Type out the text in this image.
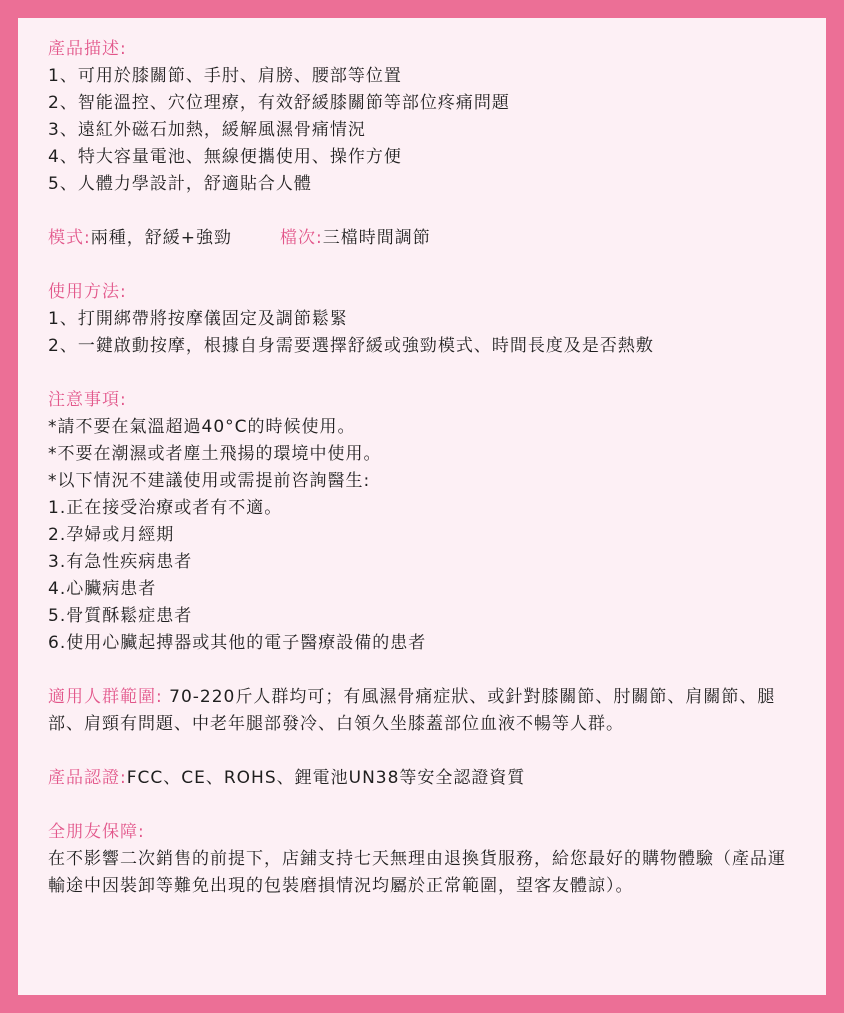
產品描述:
1、可用於膝關節、手肘、肩膀、腰部等位置
2、智能溫控、穴位理療，有效舒緩膝關節等部位疼痛問題
3、遠紅外磁石加熱，緩解風濕骨痛情況
4、特大容量電池、無線便攜使用、操作方便
5、人體力學設計，舒適貼合人體
模式:兩種，舒緩+強勁	檔次:三檔時間調節
使用方法:
1、打開綁帶將按摩儀固定及調節鬆緊
2、一鍵啟動按摩，根據自身需要選擇舒緩或強勁模式、時間長度及是否熱敷
注意事項:
*請不要在氣溫超過40°C的時候使用。
*不要在潮濕或者塵土飛揚的環境中使用。
*以下情況不建議使用或需提前咨詢醫生:
1.正在接受治療或者有不適。
2.孕婦或月經期
3.有急性疾病患者
4.心臟病患者
5.骨質酥鬆症患者
6.使用心臟起搏器或其他的電子醫療設備的患者
適用人群範圍: 70-220斤人群均可；有風濕骨痛症狀、或針對膝關節、肘關節、肩關節、腿部、肩頸有問題、中老年腿部發冷、白領久坐膝蓋部位血液不暢等人群。
產品認證:FCC、CE、ROHS、鋰電池UN38等安全認證資質
全朋友保障:
在不影響二次銷售的前提下，店鋪支持七天無理由退換貨服務，給您最好的購物體驗（產品運輸途中因裝卸等難免出現的包裝磨損情況均屬於正常範圍，望客友體諒）。
